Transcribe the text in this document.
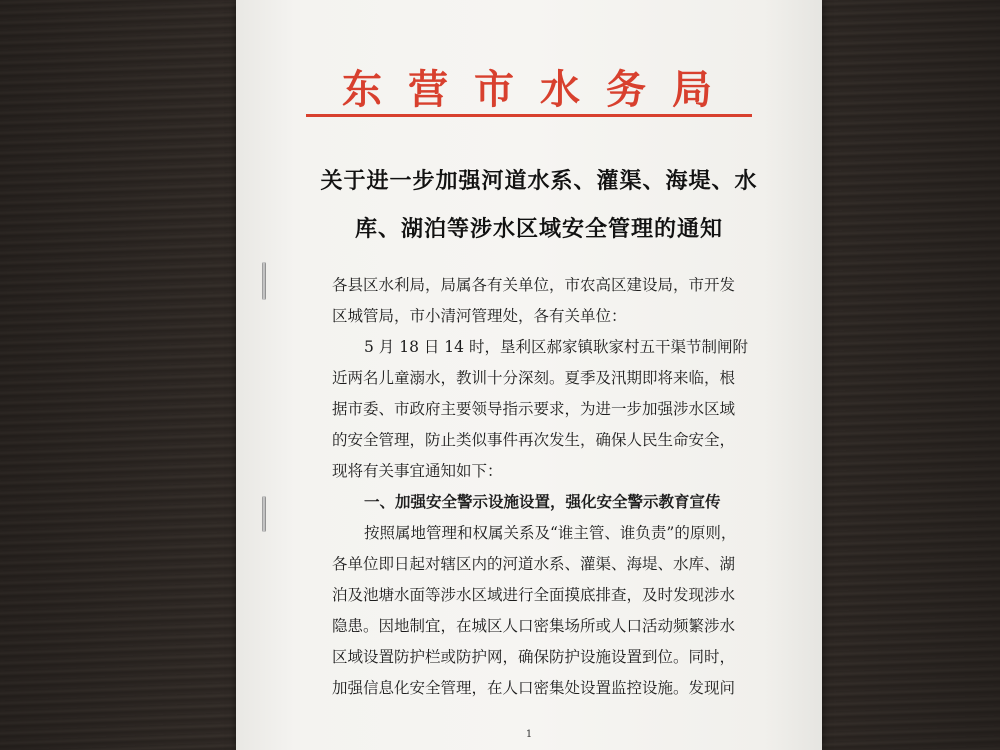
东营市水务局
关于进一步加强河道水系、灌渠、海堤、水
库、湖泊等涉水区域安全管理的通知

各县区水利局，局属各有关单位，市农高区建设局，市开发
区城管局，市小清河管理处，各有关单位：

5 月 18 日 14 时，垦利区郝家镇耿家村五干渠节制闸附
近两名儿童溺水，教训十分深刻。夏季及汛期即将来临，根
据市委、市政府主要领导指示要求，为进一步加强涉水区域
的安全管理，防止类似事件再次发生，确保人民生命安全，
现将有关事宜通知如下：

一、加强安全警示设施设置，强化安全警示教育宣传

按照属地管理和权属关系及“谁主管、谁负责”的原则，
各单位即日起对辖区内的河道水系、灌渠、海堤、水库、湖
泊及池塘水面等涉水区域进行全面摸底排查，及时发现涉水
隐患。因地制宜，在城区人口密集场所或人口活动频繁涉水
区域设置防护栏或防护网，确保防护设施设置到位。同时，
加强信息化安全管理，在人口密集处设置监控设施。发现问

1
